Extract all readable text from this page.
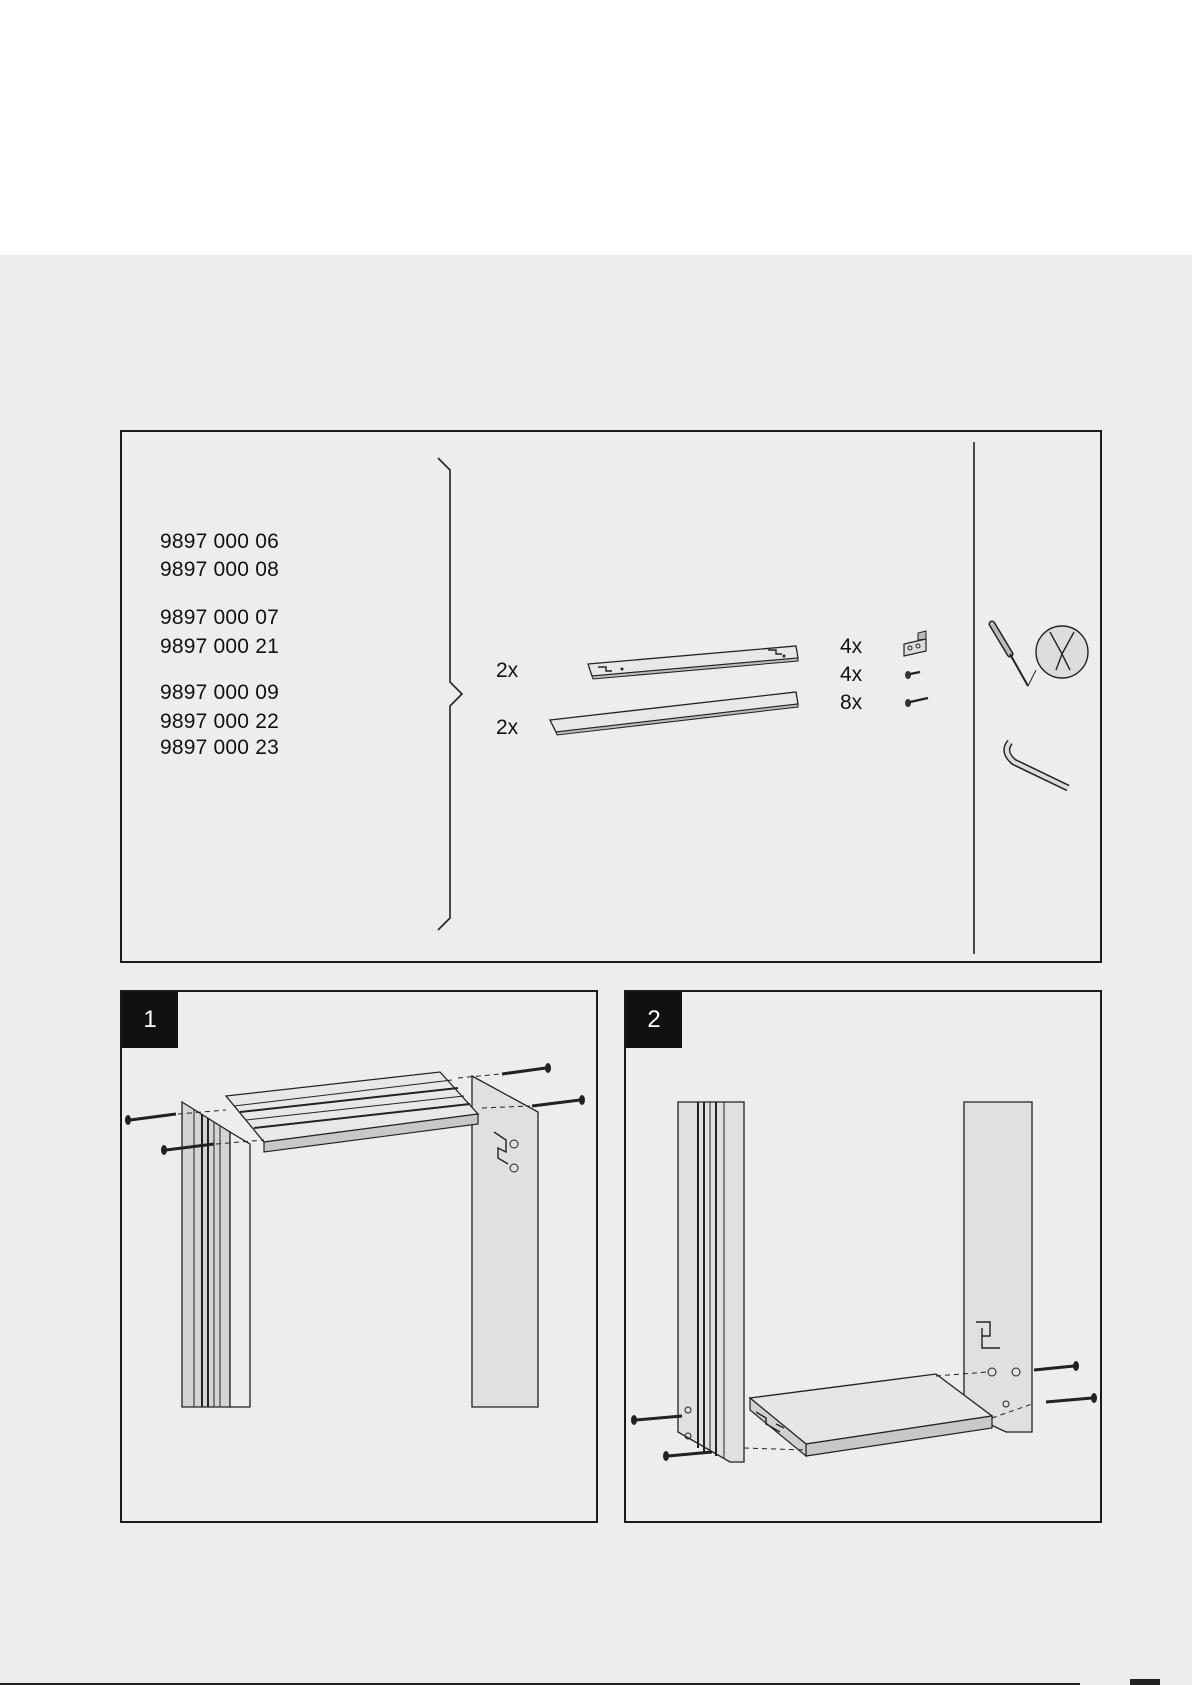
9897 000 06
9897 000 08
9897 000 07
9897 000 21
9897 000 09
9897 000 22
9897 000 23
2x
2x
4x
4x
8x
1	2
